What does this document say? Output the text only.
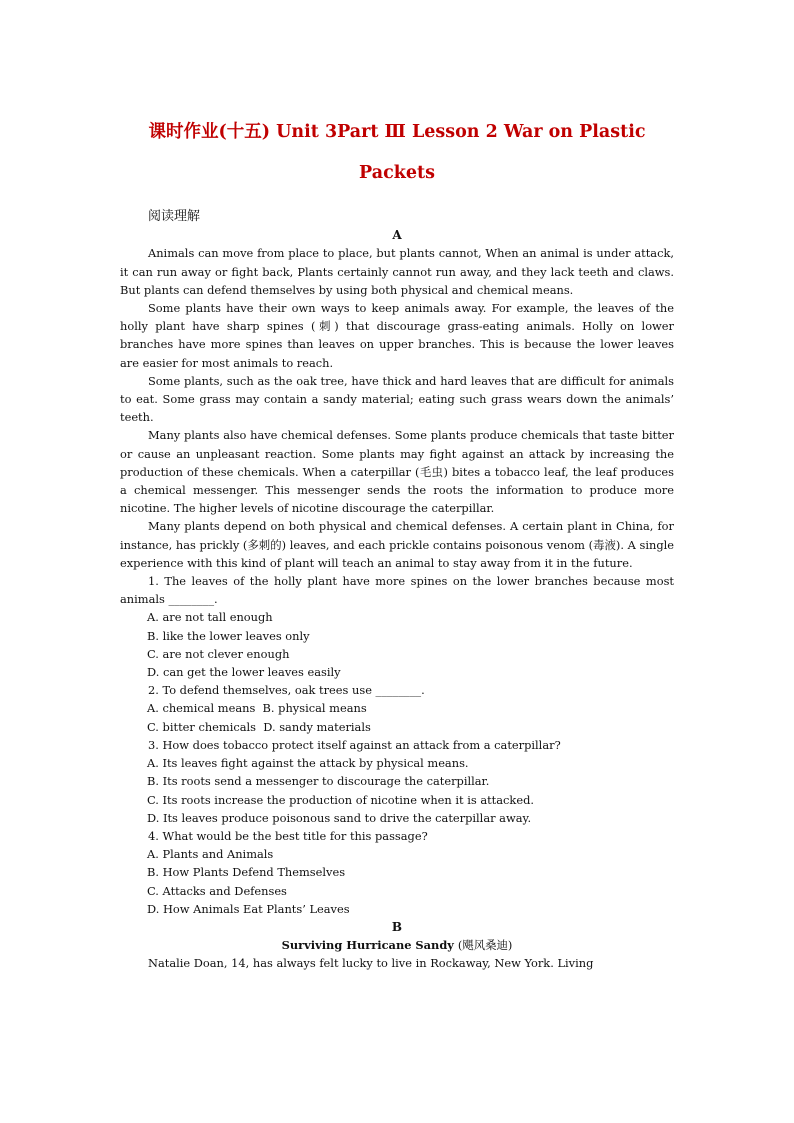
课时作业(十五) Unit 3Part Ⅲ Lesson 2 War on Plastic
Packets
阅读理解
A

Animals can move from place to place, but plants cannot, When an animal is under attack, it can run away or fight back, Plants certainly cannot run away, and they lack teeth and claws. But plants can defend themselves by using both physical and chemical means.

Some plants have their own ways to keep animals away. For example, the leaves of the holly plant have sharp spines (刺) that discourage grass-eating animals. Holly on lower branches have more spines than leaves on upper branches. This is because the lower leaves are easier for most animals to reach.

Some plants, such as the oak tree, have thick and hard leaves that are difficult for animals to eat. Some grass may contain a sandy material; eating such grass wears down the animals’ teeth.

Many plants also have chemical defenses. Some plants produce chemicals that taste bitter or cause an unpleasant reaction. Some plants may fight against an attack by increasing the production of these chemicals. When a caterpillar (毛虫) bites a tobacco leaf, the leaf produces a chemical messenger. This messenger sends the roots the information to produce more nicotine. The higher levels of nicotine discourage the caterpillar.

Many plants depend on both physical and chemical defenses. A certain plant in China, for instance, has prickly (多刺的) leaves, and each prickle contains poisonous venom (毒液). A single experience with this kind of plant will teach an animal to stay away from it in the future.

1. The leaves of the holly plant have more spines on the lower branches because most animals ________.
A. are not tall enough
B. like the lower leaves only
C. are not clever enough
D. can get the lower leaves easily
2. To defend themselves, oak trees use ________.
A. chemical means  B. physical means
C. bitter chemicals  D. sandy materials
3. How does tobacco protect itself against an attack from a caterpillar?
A. Its leaves fight against the attack by physical means.
B. Its roots send a messenger to discourage the caterpillar.
C. Its roots increase the production of nicotine when it is attacked.
D. Its leaves produce poisonous sand to drive the caterpillar away.
4. What would be the best title for this passage?
A. Plants and Animals
B. How Plants Defend Themselves
C. Attacks and Defenses
D. How Animals Eat Plants’ Leaves
B
Surviving Hurricane Sandy (飓风桑迪)

Natalie Doan, 14, has always felt lucky to live in Rockaway, New York. Living
